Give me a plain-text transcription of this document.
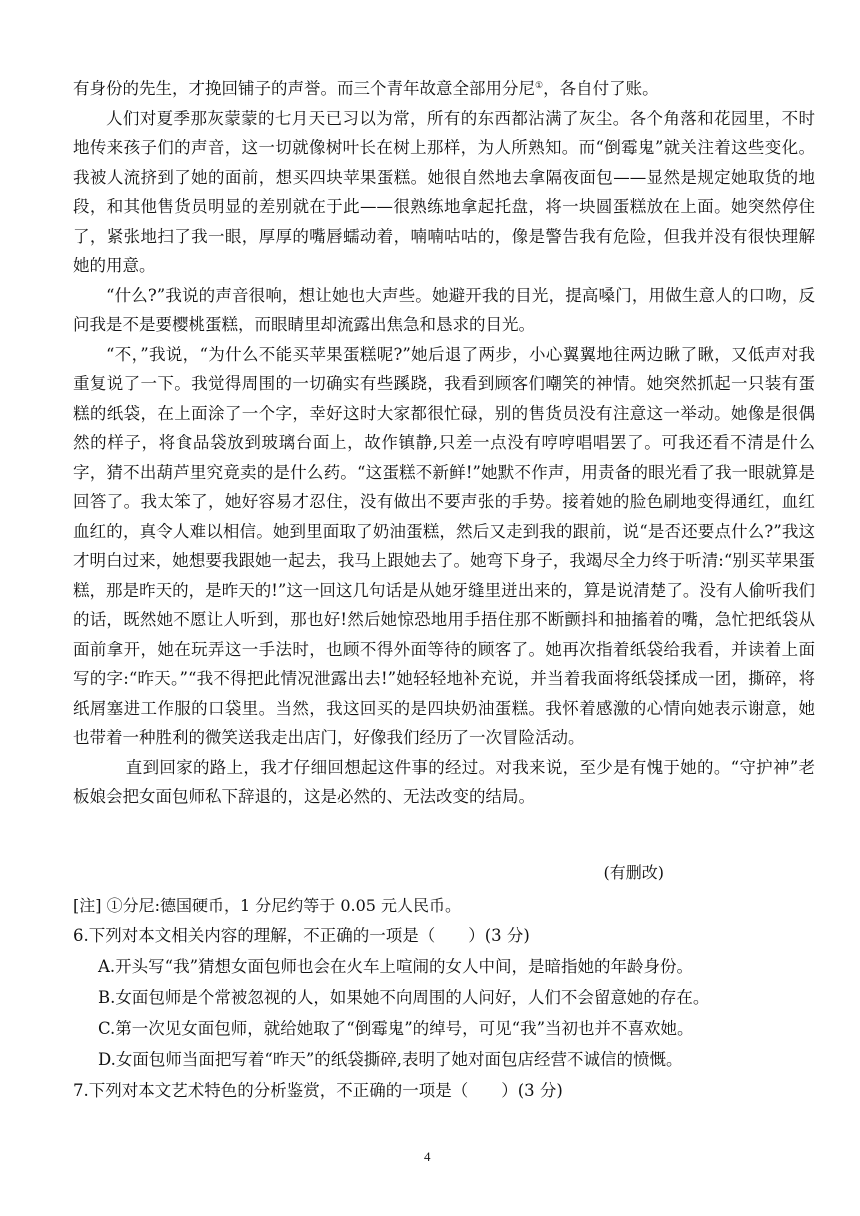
有身份的先生，才挽回铺子的声誉。而三个青年故意全部用分尼①，各自付了账。

人们对夏季那灰蒙蒙的七月天已习以为常，所有的东西都沾满了灰尘。各个角落和花园里，不时地传来孩子们的声音，这一切就像树叶长在树上那样，为人所熟知。而“倒霉鬼”就关注着这些变化。我被人流挤到了她的面前，想买四块苹果蛋糕。她很自然地去拿隔夜面包——显然是规定她取货的地段，和其他售货员明显的差别就在于此——很熟练地拿起托盘，将一块圆蛋糕放在上面。她突然停住了，紧张地扫了我一眼，厚厚的嘴唇蠕动着，喃喃咕咕的，像是警告我有危险，但我并没有很快理解她的用意。

“什么?”我说的声音很响，想让她也大声些。她避开我的目光，提高嗓门，用做生意人的口吻，反问我是不是要樱桃蛋糕，而眼睛里却流露出焦急和恳求的目光。

“不，”我说，“为什么不能买苹果蛋糕呢?”她后退了两步，小心翼翼地往两边瞅了瞅，又低声对我重复说了一下。我觉得周围的一切确实有些蹊跷，我看到顾客们嘲笑的神情。她突然抓起一只装有蛋糕的纸袋，在上面涂了一个字，幸好这时大家都很忙碌，别的售货员没有注意这一举动。她像是很偶然的样子，将食品袋放到玻璃台面上，故作镇静,只差一点没有哼哼唱唱罢了。可我还看不清是什么字，猜不出葫芦里究竟卖的是什么药。“这蛋糕不新鲜!”她默不作声，用责备的眼光看了我一眼就算是回答了。我太笨了，她好容易才忍住，没有做出不要声张的手势。接着她的脸色刷地变得通红，血红血红的，真令人难以相信。她到里面取了奶油蛋糕，然后又走到我的跟前，说“是否还要点什么?”我这才明白过来，她想要我跟她一起去，我马上跟她去了。她弯下身子，我竭尽全力终于听清:“别买苹果蛋糕，那是昨天的，是昨天的!”这一回这几句话是从她牙缝里迸出来的，算是说清楚了。没有人偷听我们的话，既然她不愿让人听到，那也好!然后她惊恐地用手捂住那不断颤抖和抽搐着的嘴，急忙把纸袋从面前拿开，她在玩弄这一手法时，也顾不得外面等待的顾客了。她再次指着纸袋给我看，并读着上面写的字:“昨天。”“我不得把此情况泄露出去!”她轻轻地补充说，并当着我面将纸袋揉成一团，撕碎，将纸屑塞进工作服的口袋里。当然，我这回买的是四块奶油蛋糕。我怀着感激的心情向她表示谢意，她也带着一种胜利的微笑送我走出店门，好像我们经历了一次冒险活动。

直到回家的路上，我才仔细回想起这件事的经过。对我来说，至少是有愧于她的。“守护神”老板娘会把女面包师私下辞退的，这是必然的、无法改变的结局。

(有删改)
[注] ①分尼:德国硬币，1 分尼约等于 0.05 元人民币。
6.下列对本文相关内容的理解，不正确的一项是（　　）(3 分)
A.开头写“我”猜想女面包师也会在火车上喧闹的女人中间，是暗指她的年龄身份。
B.女面包师是个常被忽视的人，如果她不向周围的人问好，人们不会留意她的存在。
C.第一次见女面包师，就给她取了“倒霉鬼”的绰号，可见“我”当初也并不喜欢她。
D.女面包师当面把写着“昨天”的纸袋撕碎,表明了她对面包店经营不诚信的愤慨。
7.下列对本文艺术特色的分析鉴赏，不正确的一项是（　　）(3 分)
4
